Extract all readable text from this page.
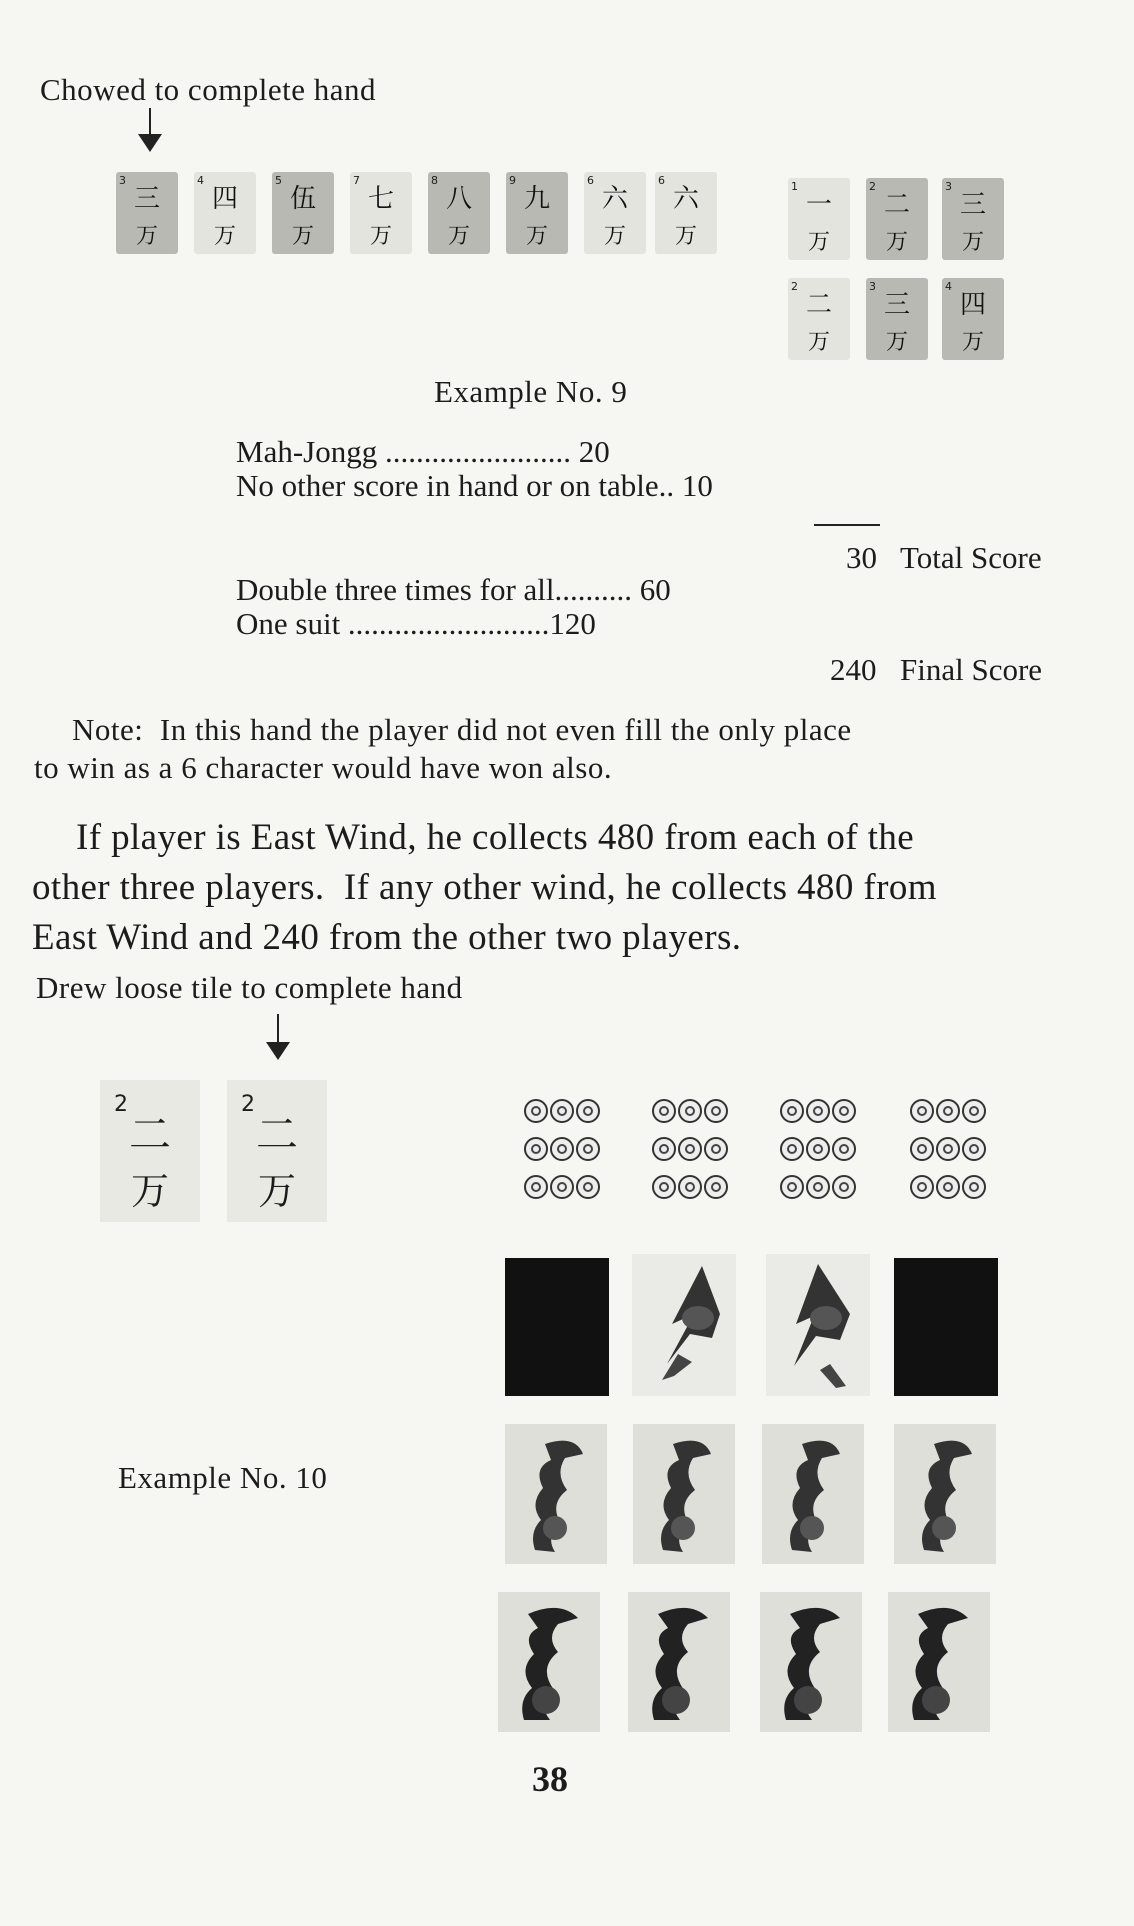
Chowed to complete hand
3
三
万
4
四
万
5
伍
万
7
七
万
8
八
万
9
九
万
6
六
万
6
六
万
1
一
万
2
二
万
3
三
万
2
二
万
3
三
万
4
四
万
Example No. 9
Mah-Jongg ........................ 20
No other score in hand or on table.. 10
30 Total Score
Double three times for all.......... 60
One suit ..........................120
240 Final Score
Note:  In this hand the player did not even fill the only place
to win as a 6 character would have won also.
If player is East Wind, he collects 480 from each of the
other three players.  If any other wind, he collects 480 from
East Wind and 240 from the other two players.
Drew loose tile to complete hand
2
二
万
2
二
万
Example No. 10
38
